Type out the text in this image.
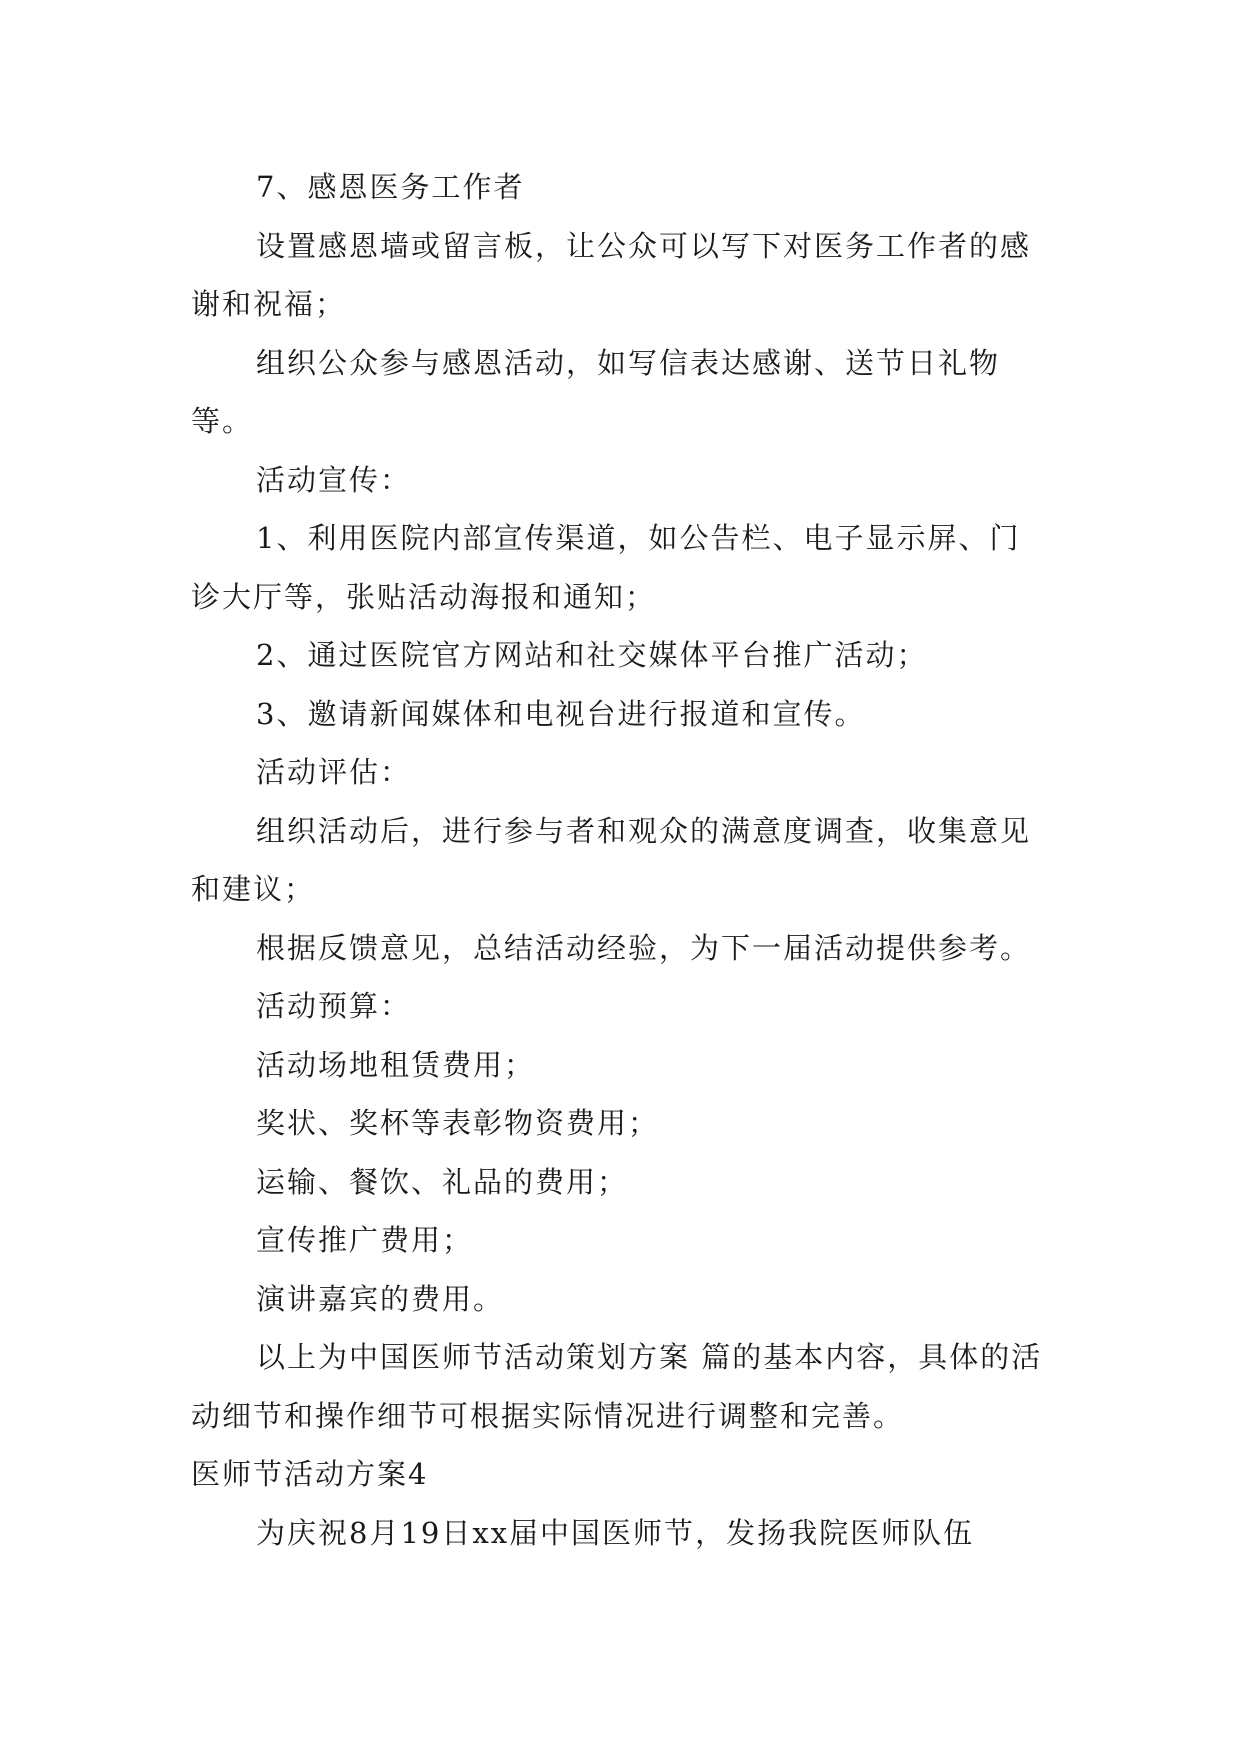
7、感恩医务工作者

设置感恩墙或留言板，让公众可以写下对医务工作者的感谢和祝福；

组织公众参与感恩活动，如写信表达感谢、送节日礼物等。

活动宣传：

1、利用医院内部宣传渠道，如公告栏、电子显示屏、门诊大厅等，张贴活动海报和通知；

2、通过医院官方网站和社交媒体平台推广活动；

3、邀请新闻媒体和电视台进行报道和宣传。

活动评估：

组织活动后，进行参与者和观众的满意度调查，收集意见和建议；

根据反馈意见，总结活动经验，为下一届活动提供参考。

活动预算：

活动场地租赁费用；

奖状、奖杯等表彰物资费用；

运输、餐饮、礼品的费用；

宣传推广费用；

演讲嘉宾的费用。

以上为中国医师节活动策划方案 篇的基本内容，具体的活动细节和操作细节可根据实际情况进行调整和完善。

医师节活动方案4

为庆祝8月19日xx届中国医师节，发扬我院医师队伍
